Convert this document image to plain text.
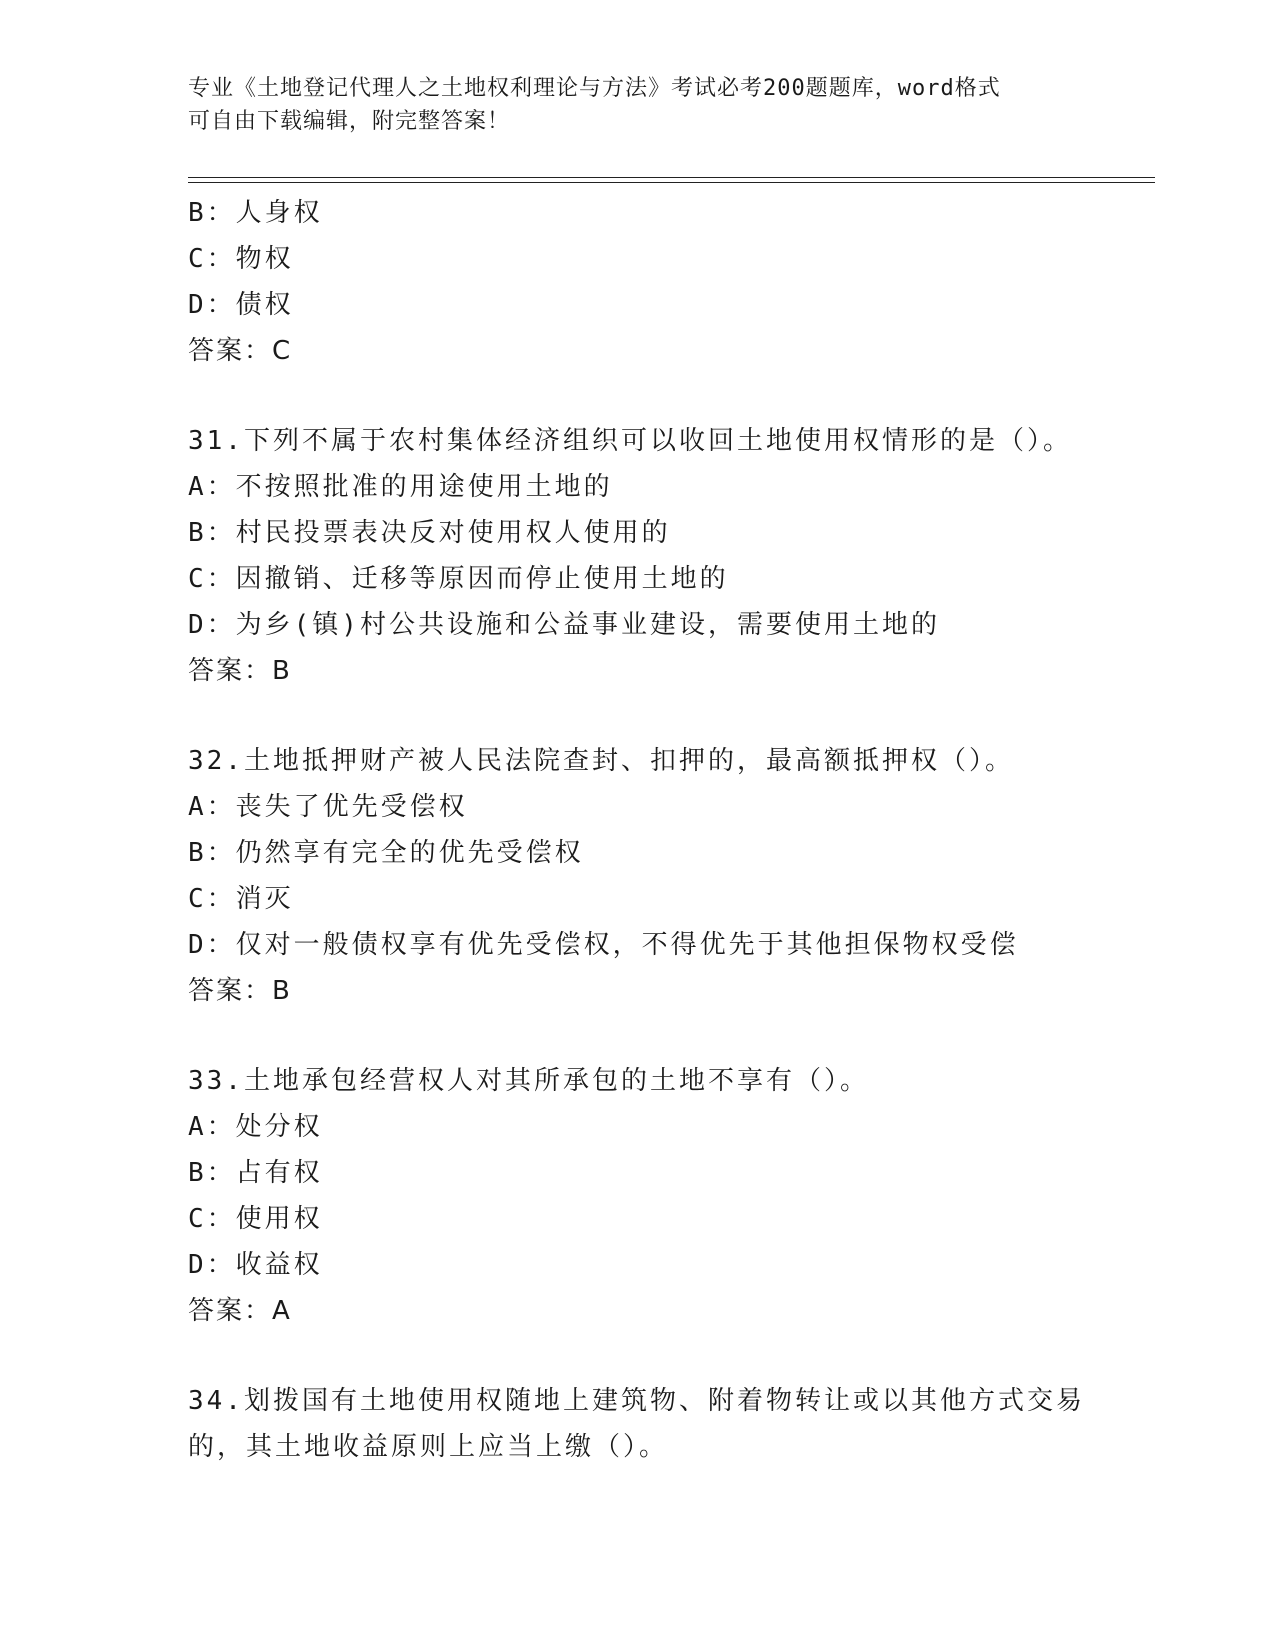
专业《土地登记代理人之土地权利理论与方法》考试必考200题题库，word格式
可自由下载编辑，附完整答案！
B：人身权
C：物权
D：债权
答案：C
31.下列不属于农村集体经济组织可以收回土地使用权情形的是（）。
A：不按照批准的用途使用土地的
B：村民投票表决反对使用权人使用的
C：因撤销、迁移等原因而停止使用土地的
D：为乡(镇)村公共设施和公益事业建设，需要使用土地的
答案：B
32.土地抵押财产被人民法院查封、扣押的，最高额抵押权（）。
A：丧失了优先受偿权
B：仍然享有完全的优先受偿权
C：消灭
D：仅对一般债权享有优先受偿权，不得优先于其他担保物权受偿
答案：B
33.土地承包经营权人对其所承包的土地不享有（）。
A：处分权
B：占有权
C：使用权
D：收益权
答案：A
34.划拨国有土地使用权随地上建筑物、附着物转让或以其他方式交易
的，其土地收益原则上应当上缴（）。
